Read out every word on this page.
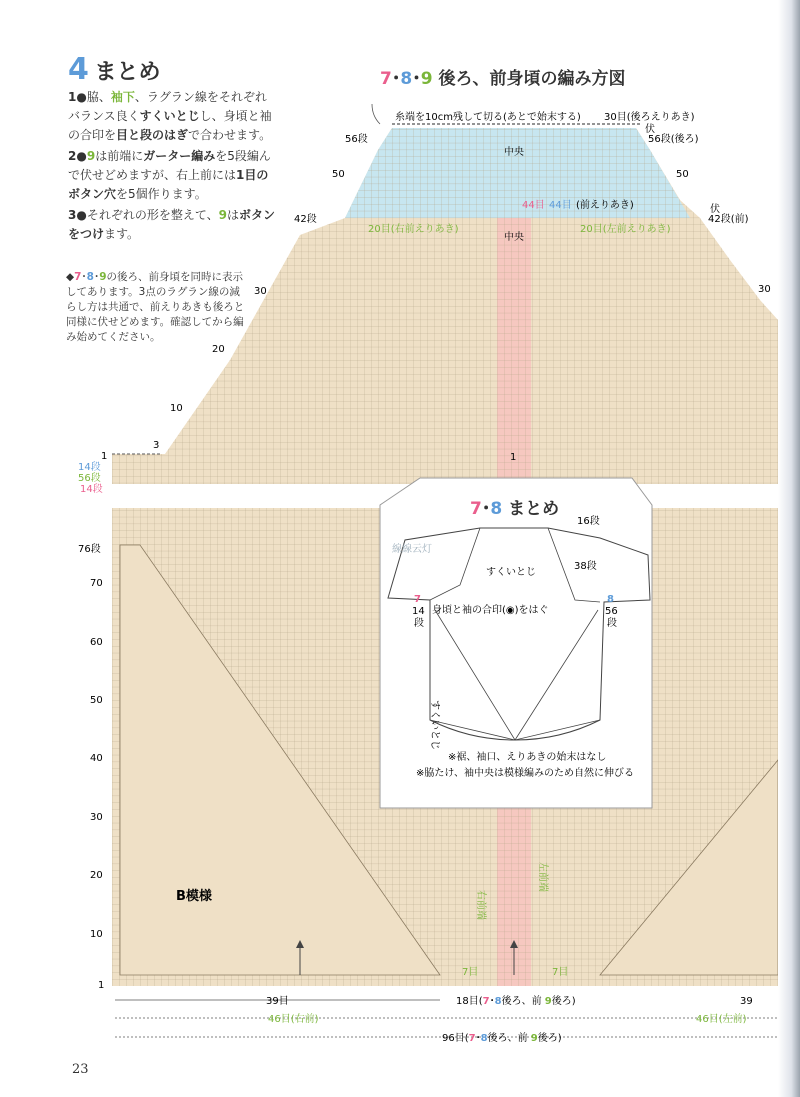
4 まとめ

1●脇、袖下、ラグラン線をそれぞれバランス良くすくいとじし、身頃と袖の合印を目と段のはぎで合わせます。

2●9は前端にガーター編みを5段編んで伏せどめますが、右上前には1目のボタン穴を5個作ります。

3●それぞれの形を整えて、9はボタンをつけます。

◆7･8･9の後ろ、前身頃を同時に表示してあります。3点のラグラン線の減らし方は共通で、前えりあきも後ろと同様に伏せどめます。確認してから編み始めてください。
7･8･9 後ろ、前身頃の編み方図
糸端を10cm残して切る(あとで始末する) 30目(後ろえりあき)
伏
56段	56段(後ろ)
50	50
中央
42段
伏
42段(前)
44目 44目 (前えりあき)
20目(右前えりあき)	20目(左前えりあき)
中央
30	30
20
10
3
1	1
14段
56段
14段
76段
70
60
50
40
30
20
10
1
B模様	右前端
左前端
7目	7目
39目	18目(7･8後ろ、前 9後ろ)	39
46目(右前)	46目(左前)
96目(7･8後ろ、前 9後ろ)
16段
38段
すくいとじ
すくいとじ
7
14
段
8
56
段
身頃と袖の合印(◉)をはぐ
※裾、袖口、えりあきの始末はなし
※脇たけ、袖中央は模様編みのため自然に伸びる
線線云灯
7･8 まとめ
23
